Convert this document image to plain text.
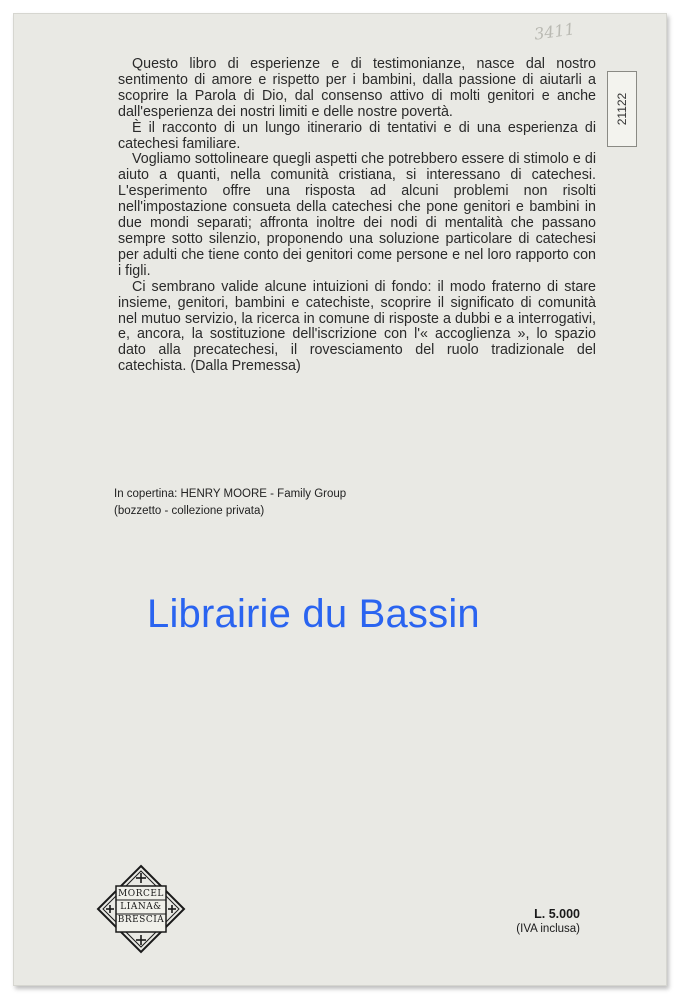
3411
21122

Questo libro di esperienze e di testimonianze, nasce dal nostro sentimento di amore e rispetto per i bambini, dalla passione di aiutarli a scoprire la Parola di Dio, dal consenso attivo di molti genitori e anche dall'esperienza dei nostri limiti e delle nostre povertà.

È il racconto di un lungo itinerario di tentativi e di una esperienza di catechesi familiare.

Vogliamo sottolineare quegli aspetti che potrebbero essere di stimolo e di aiuto a quanti, nella comunità cristiana, si interessano di catechesi. L'esperimento offre una risposta ad alcuni problemi non risolti nell'impostazione consueta della catechesi che pone genitori e bambini in due mondi separati; affronta inoltre dei nodi di mentalità che passano sempre sotto silenzio, proponendo una soluzione particolare di catechesi per adulti che tiene conto dei genitori come persone e nel loro rapporto con i figli.

Ci sembrano valide alcune intuizioni di fondo: il modo fraterno di stare insieme, genitori, bambini e catechiste, scoprire il significato di comunità nel mutuo servizio, la ricerca in comune di risposte a dubbi e a interrogativi, e, ancora, la sostituzione dell'iscrizione con l'« accoglienza », lo spazio dato alla precatechesi, il rovesciamento del ruolo tradizionale del catechista. (Dalla Premessa)

In copertina: HENRY MOORE - Family Group
(bozzetto - collezione privata)
Librairie du Bassin
MORCEL
LIANA&
BRESCIA	L. 5.000
(IVA inclusa)
